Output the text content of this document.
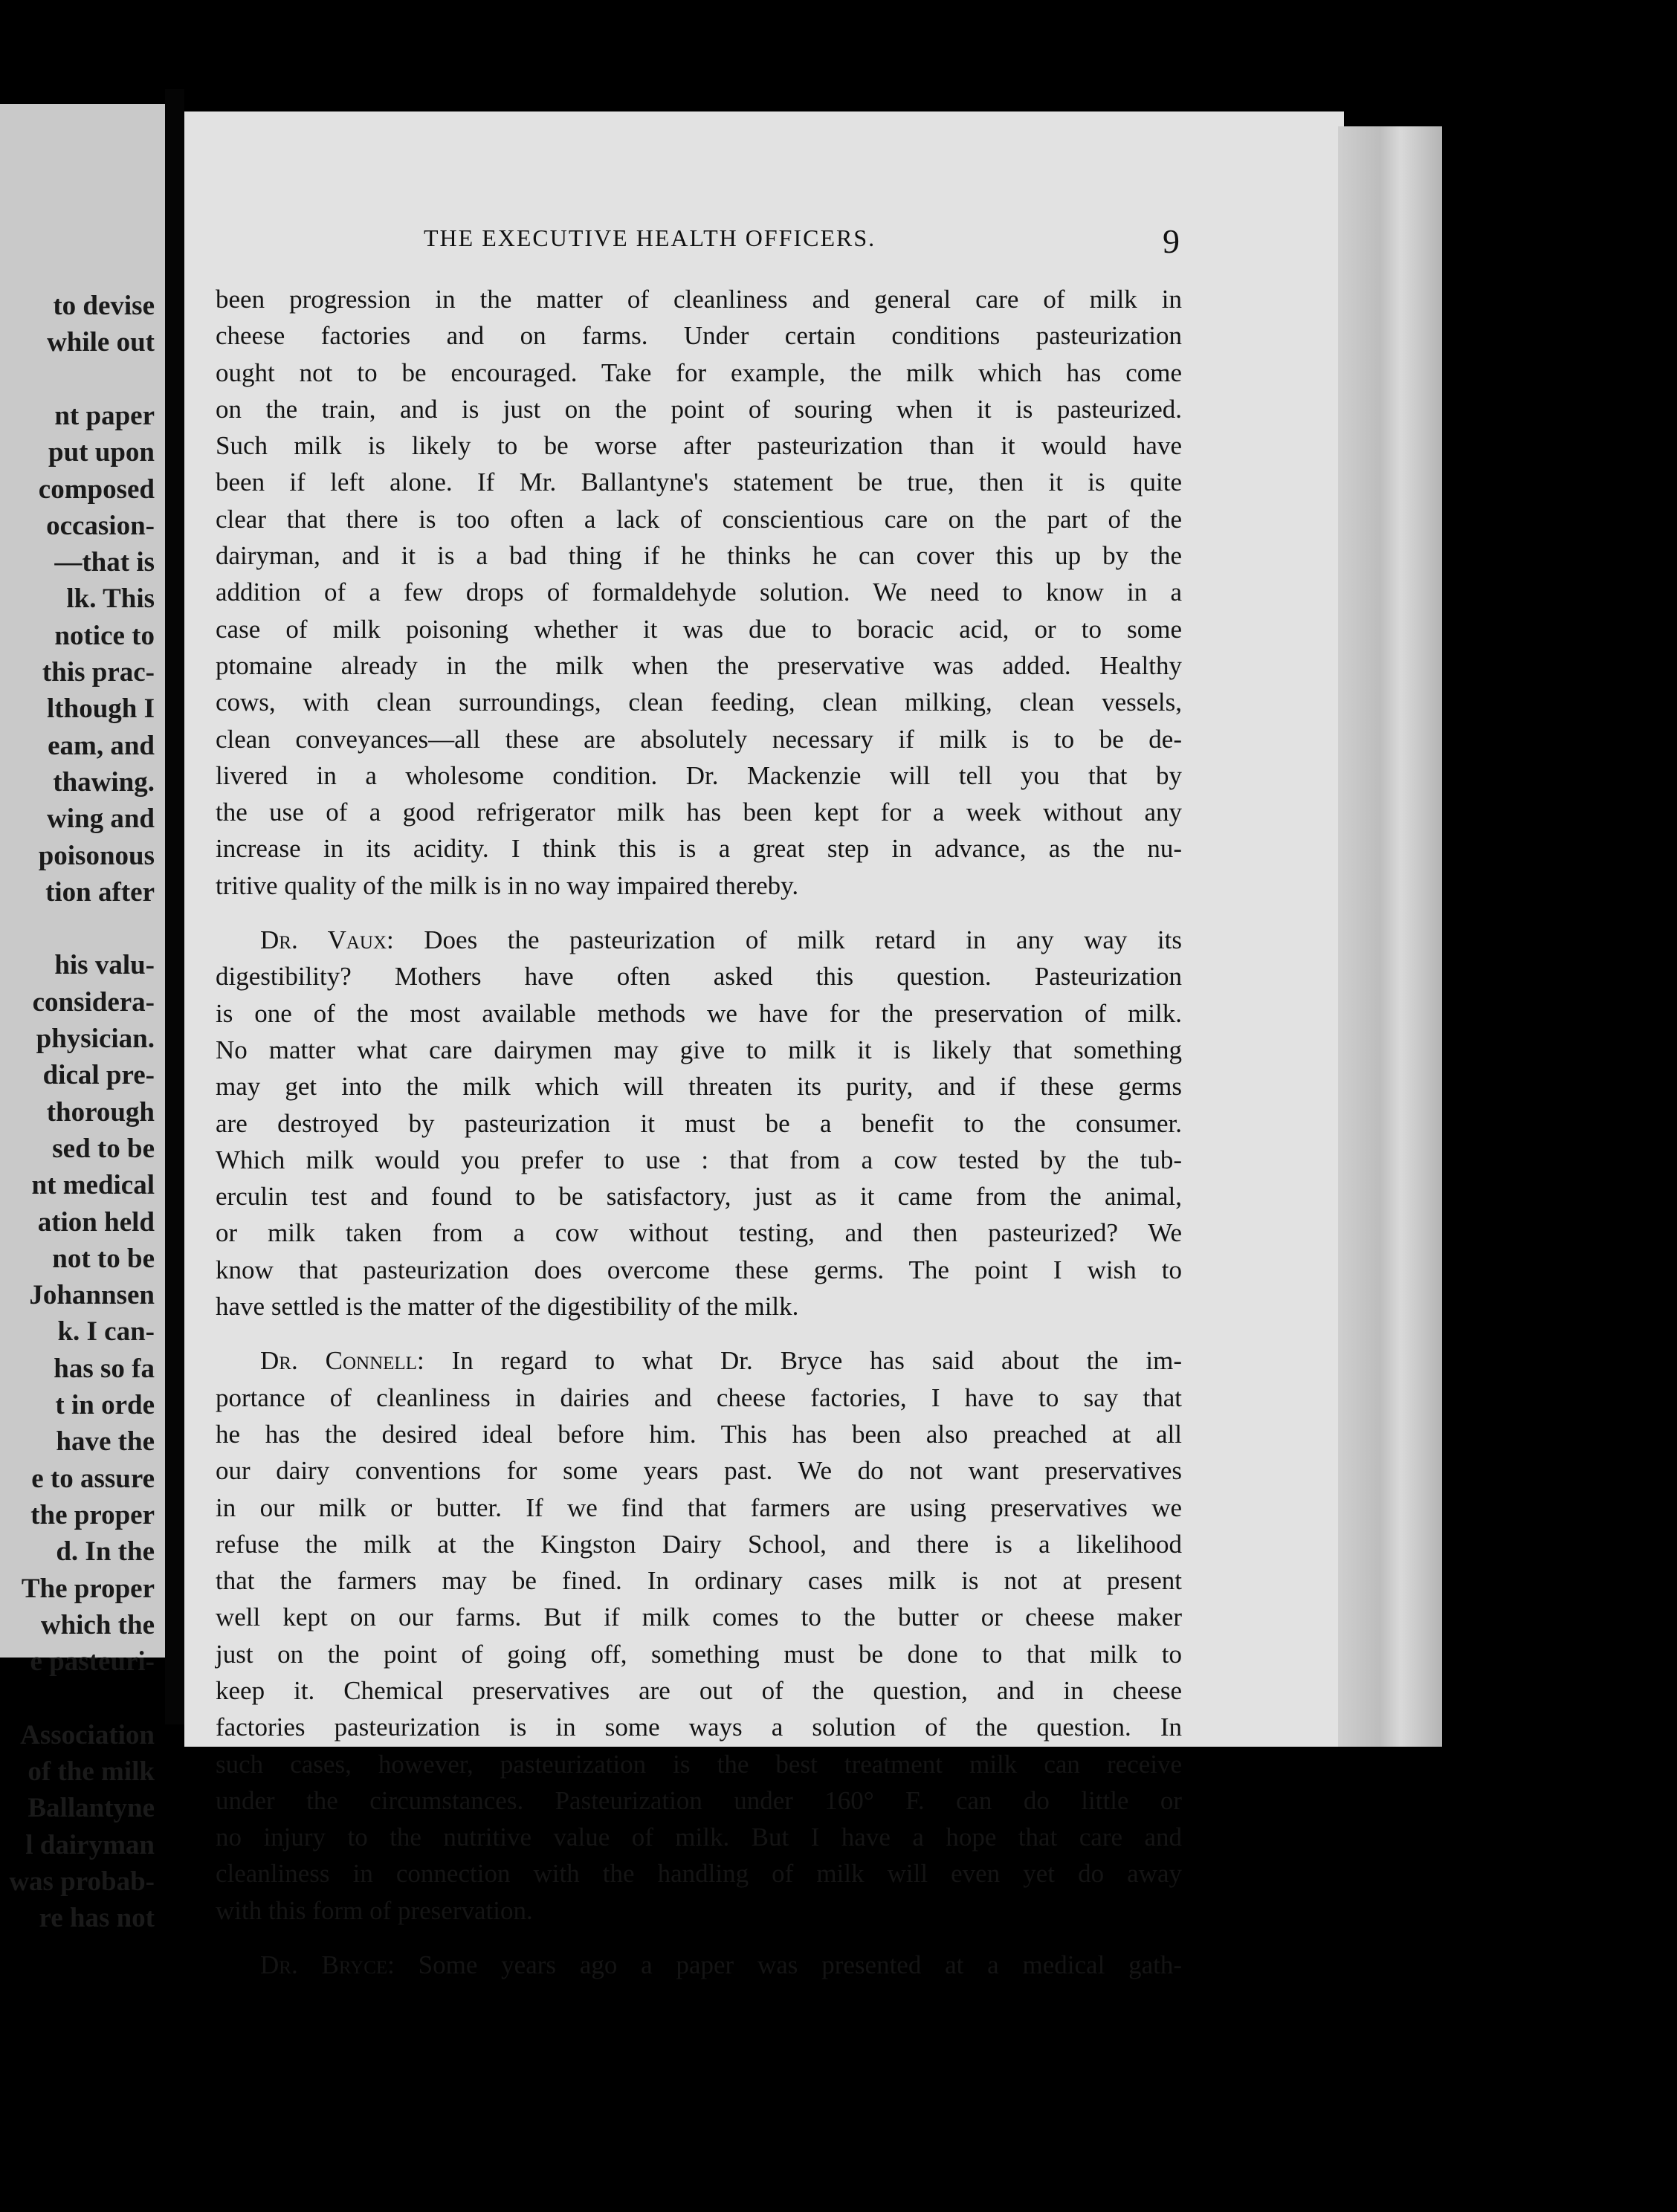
to devise
while out
nt paper
put upon
composed
occasion-
—that is
lk. This
notice to
this prac-
lthough I
eam, and
thawing.
wing and
poisonous
tion after
his valu-
considera-
physician.
dical pre-
thorough
sed to be
nt medical
ation held
not to be
Johannsen
k. I can-
has so fa
t in orde
have the
e to assure
the proper
d. In the
The proper
which the
e pasteuri-
Association
of the milk
Ballantyne
l dairyman
was probab-
re has not
THE EXECUTIVE HEALTH OFFICERS.	9
been progression in the matter of cleanliness and general care of milk in
cheese factories and on farms. Under certain conditions pasteurization
ought not to be encouraged. Take for example, the milk which has come
on the train, and is just on the point of souring when it is pasteurized.
Such milk is likely to be worse after pasteurization than it would have
been if left alone. If Mr. Ballantyne's statement be true, then it is quite
clear that there is too often a lack of conscientious care on the part of the
dairyman, and it is a bad thing if he thinks he can cover this up by the
addition of a few drops of formaldehyde solution. We need to know in a
case of milk poisoning whether it was due to boracic acid, or to some
ptomaine already in the milk when the preservative was added. Healthy
cows, with clean surroundings, clean feeding, clean milking, clean vessels,
clean conveyances—all these are absolutely necessary if milk is to be de-
livered in a wholesome condition. Dr. Mackenzie will tell you that by
the use of a good refrigerator milk has been kept for a week without any
increase in its acidity. I think this is a great step in advance, as the nu-
tritive quality of the milk is in no way impaired thereby.
Dr. Vaux: Does the pasteurization of milk retard in any way its
digestibility? Mothers have often asked this question. Pasteurization
is one of the most available methods we have for the preservation of milk.
No matter what care dairymen may give to milk it is likely that something
may get into the milk which will threaten its purity, and if these germs
are destroyed by pasteurization it must be a benefit to the consumer.
Which milk would you prefer to use : that from a cow tested by the tub-
erculin test and found to be satisfactory, just as it came from the animal,
or milk taken from a cow without testing, and then pasteurized? We
know that pasteurization does overcome these germs. The point I wish to
have settled is the matter of the digestibility of the milk.
Dr. Connell: In regard to what Dr. Bryce has said about the im-
portance of cleanliness in dairies and cheese factories, I have to say that
he has the desired ideal before him. This has been also preached at all
our dairy conventions for some years past. We do not want preservatives
in our milk or butter. If we find that farmers are using preservatives we
refuse the milk at the Kingston Dairy School, and there is a likelihood
that the farmers may be fined. In ordinary cases milk is not at present
well kept on our farms. But if milk comes to the butter or cheese maker
just on the point of going off, something must be done to that milk to
keep it. Chemical preservatives are out of the question, and in cheese
factories pasteurization is in some ways a solution of the question. In
such cases, however, pasteurization is the best treatment milk can receive
under the circumstances. Pasteurization under 160° F. can do little or
no injury to the nutritive value of milk. But I have a hope that care and
cleanliness in connection with the handling of milk will even yet do away
with this form of preservation.
Dr. Bryce: Some years ago a paper was presented at a medical gath-
